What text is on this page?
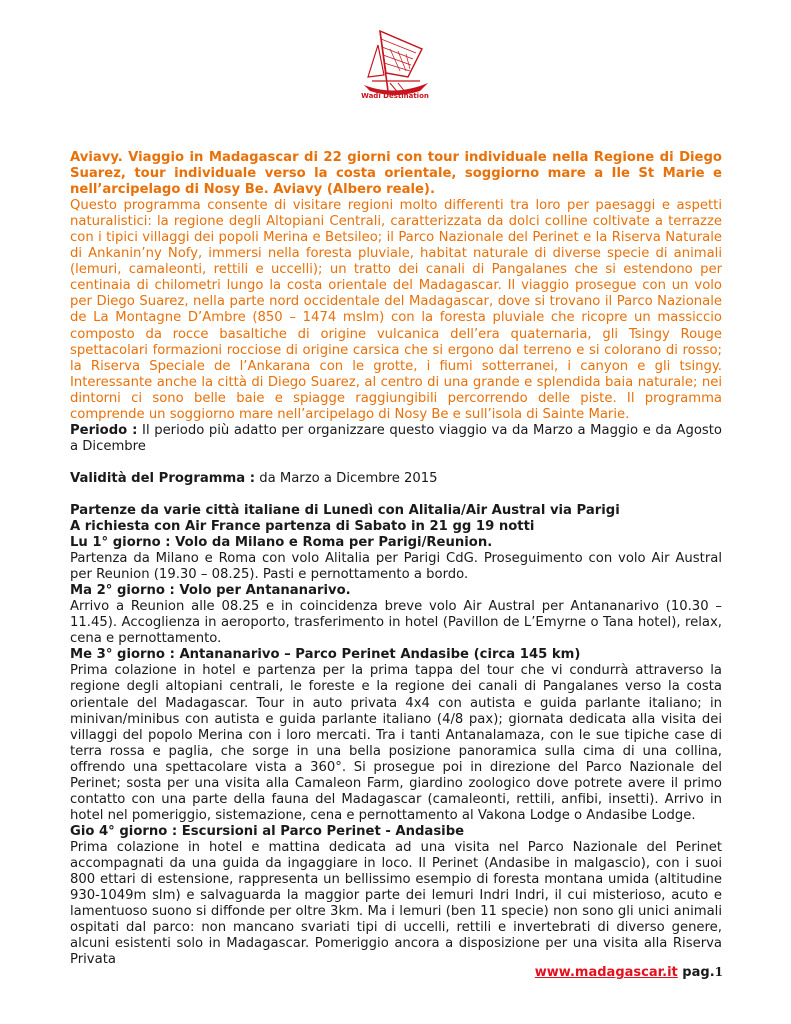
Wadi Destination

Aviavy. Viaggio in Madagascar di 22 giorni con tour individuale nella Regione di Diego Suarez, tour individuale verso la costa orientale, soggiorno mare a Ile St Marie e nell’arcipelago di Nosy Be. Aviavy (Albero reale).

Questo programma consente di visitare regioni molto differenti tra loro per paesaggi e aspetti naturalistici: la regione degli Altopiani Centrali, caratterizzata da dolci colline coltivate a terrazze con i tipici villaggi dei popoli Merina e Betsileo; il Parco Nazionale del Perinet e la Riserva Naturale di Ankanin’ny Nofy, immersi nella foresta pluviale, habitat naturale di diverse specie di animali (lemuri, camaleonti, rettili e uccelli); un tratto dei canali di Pangalanes che si estendono per centinaia di chilometri lungo la costa orientale del Madagascar. Il viaggio prosegue con un volo per Diego Suarez, nella parte nord occidentale del Madagascar, dove si trovano il Parco Nazionale de La Montagne D’Ambre (850 – 1474 mslm) con la foresta pluviale che ricopre un massiccio composto da rocce basaltiche di origine vulcanica dell’era quaternaria, gli Tsingy Rouge spettacolari formazioni rocciose di origine carsica che si ergono dal terreno e si colorano di rosso; la Riserva Speciale de l’Ankarana con le grotte, i fiumi sotterranei, i canyon e gli tsingy. Interessante anche la città di Diego Suarez, al centro di una grande e splendida baia naturale; nei dintorni ci sono belle baie e spiagge raggiungibili percorrendo delle piste. Il programma comprende un soggiorno mare nell’arcipelago di Nosy Be e sull’isola di Sainte Marie.

Periodo : Il periodo più adatto per organizzare questo viaggio va da Marzo a Maggio e da Agosto a Dicembre

Validità del Programma : da Marzo a Dicembre 2015

Partenze da varie città italiane di Lunedì con Alitalia/Air Austral via Parigi

A richiesta con Air France partenza di Sabato in 21 gg 19 notti

Lu 1° giorno : Volo da Milano e Roma per Parigi/Reunion.

Partenza da Milano e Roma con volo Alitalia per Parigi CdG. Proseguimento con volo Air Austral per Reunion (19.30 – 08.25). Pasti e pernottamento a bordo.

Ma 2° giorno : Volo per Antananarivo.

Arrivo a Reunion alle 08.25 e in coincidenza breve volo Air Austral per Antananarivo (10.30 – 11.45). Accoglienza in aeroporto, trasferimento in hotel (Pavillon de L’Emyrne o Tana hotel), relax, cena e pernottamento.

Me 3° giorno : Antananarivo – Parco Perinet Andasibe (circa 145 km)

Prima colazione in hotel e partenza per la prima tappa del tour che vi condurrà attraverso la regione degli altopiani centrali, le foreste e la regione dei canali di Pangalanes verso la costa orientale del Madagascar. Tour in auto privata 4x4 con autista e guida parlante italiano; in minivan/minibus con autista e guida parlante italiano (4/8 pax); giornata dedicata alla visita dei villaggi del popolo Merina con i loro mercati. Tra i tanti Antanalamaza, con le sue tipiche case di terra rossa e paglia, che sorge in una bella posizione panoramica sulla cima di una collina, offrendo una spettacolare vista a 360°. Si prosegue poi in direzione del Parco Nazionale del Perinet; sosta per una visita alla Camaleon Farm, giardino zoologico dove potrete avere il primo contatto con una parte della fauna del Madagascar (camaleonti, rettili, anfibi, insetti). Arrivo in hotel nel pomeriggio, sistemazione, cena e pernottamento al Vakona Lodge o Andasibe Lodge.

Gio 4° giorno : Escursioni al Parco Perinet - Andasibe

Prima colazione in hotel e mattina dedicata ad una visita nel Parco Nazionale del Perinet accompagnati da una guida da ingaggiare in loco. Il Perinet (Andasibe in malgascio), con i suoi 800 ettari di estensione, rappresenta un bellissimo esempio di foresta montana umida (altitudine 930-1049m slm) e salvaguarda la maggior parte dei lemuri Indri Indri, il cui misterioso, acuto e lamentuoso suono si diffonde per oltre 3km. Ma i lemuri (ben 11 specie) non sono gli unici animali ospitati dal parco: non mancano svariati tipi di uccelli, rettili e invertebrati di diverso genere, alcuni esistenti solo in Madagascar. Pomeriggio ancora a disposizione per una visita alla Riserva Privata

www.madagascar.it pag.1
